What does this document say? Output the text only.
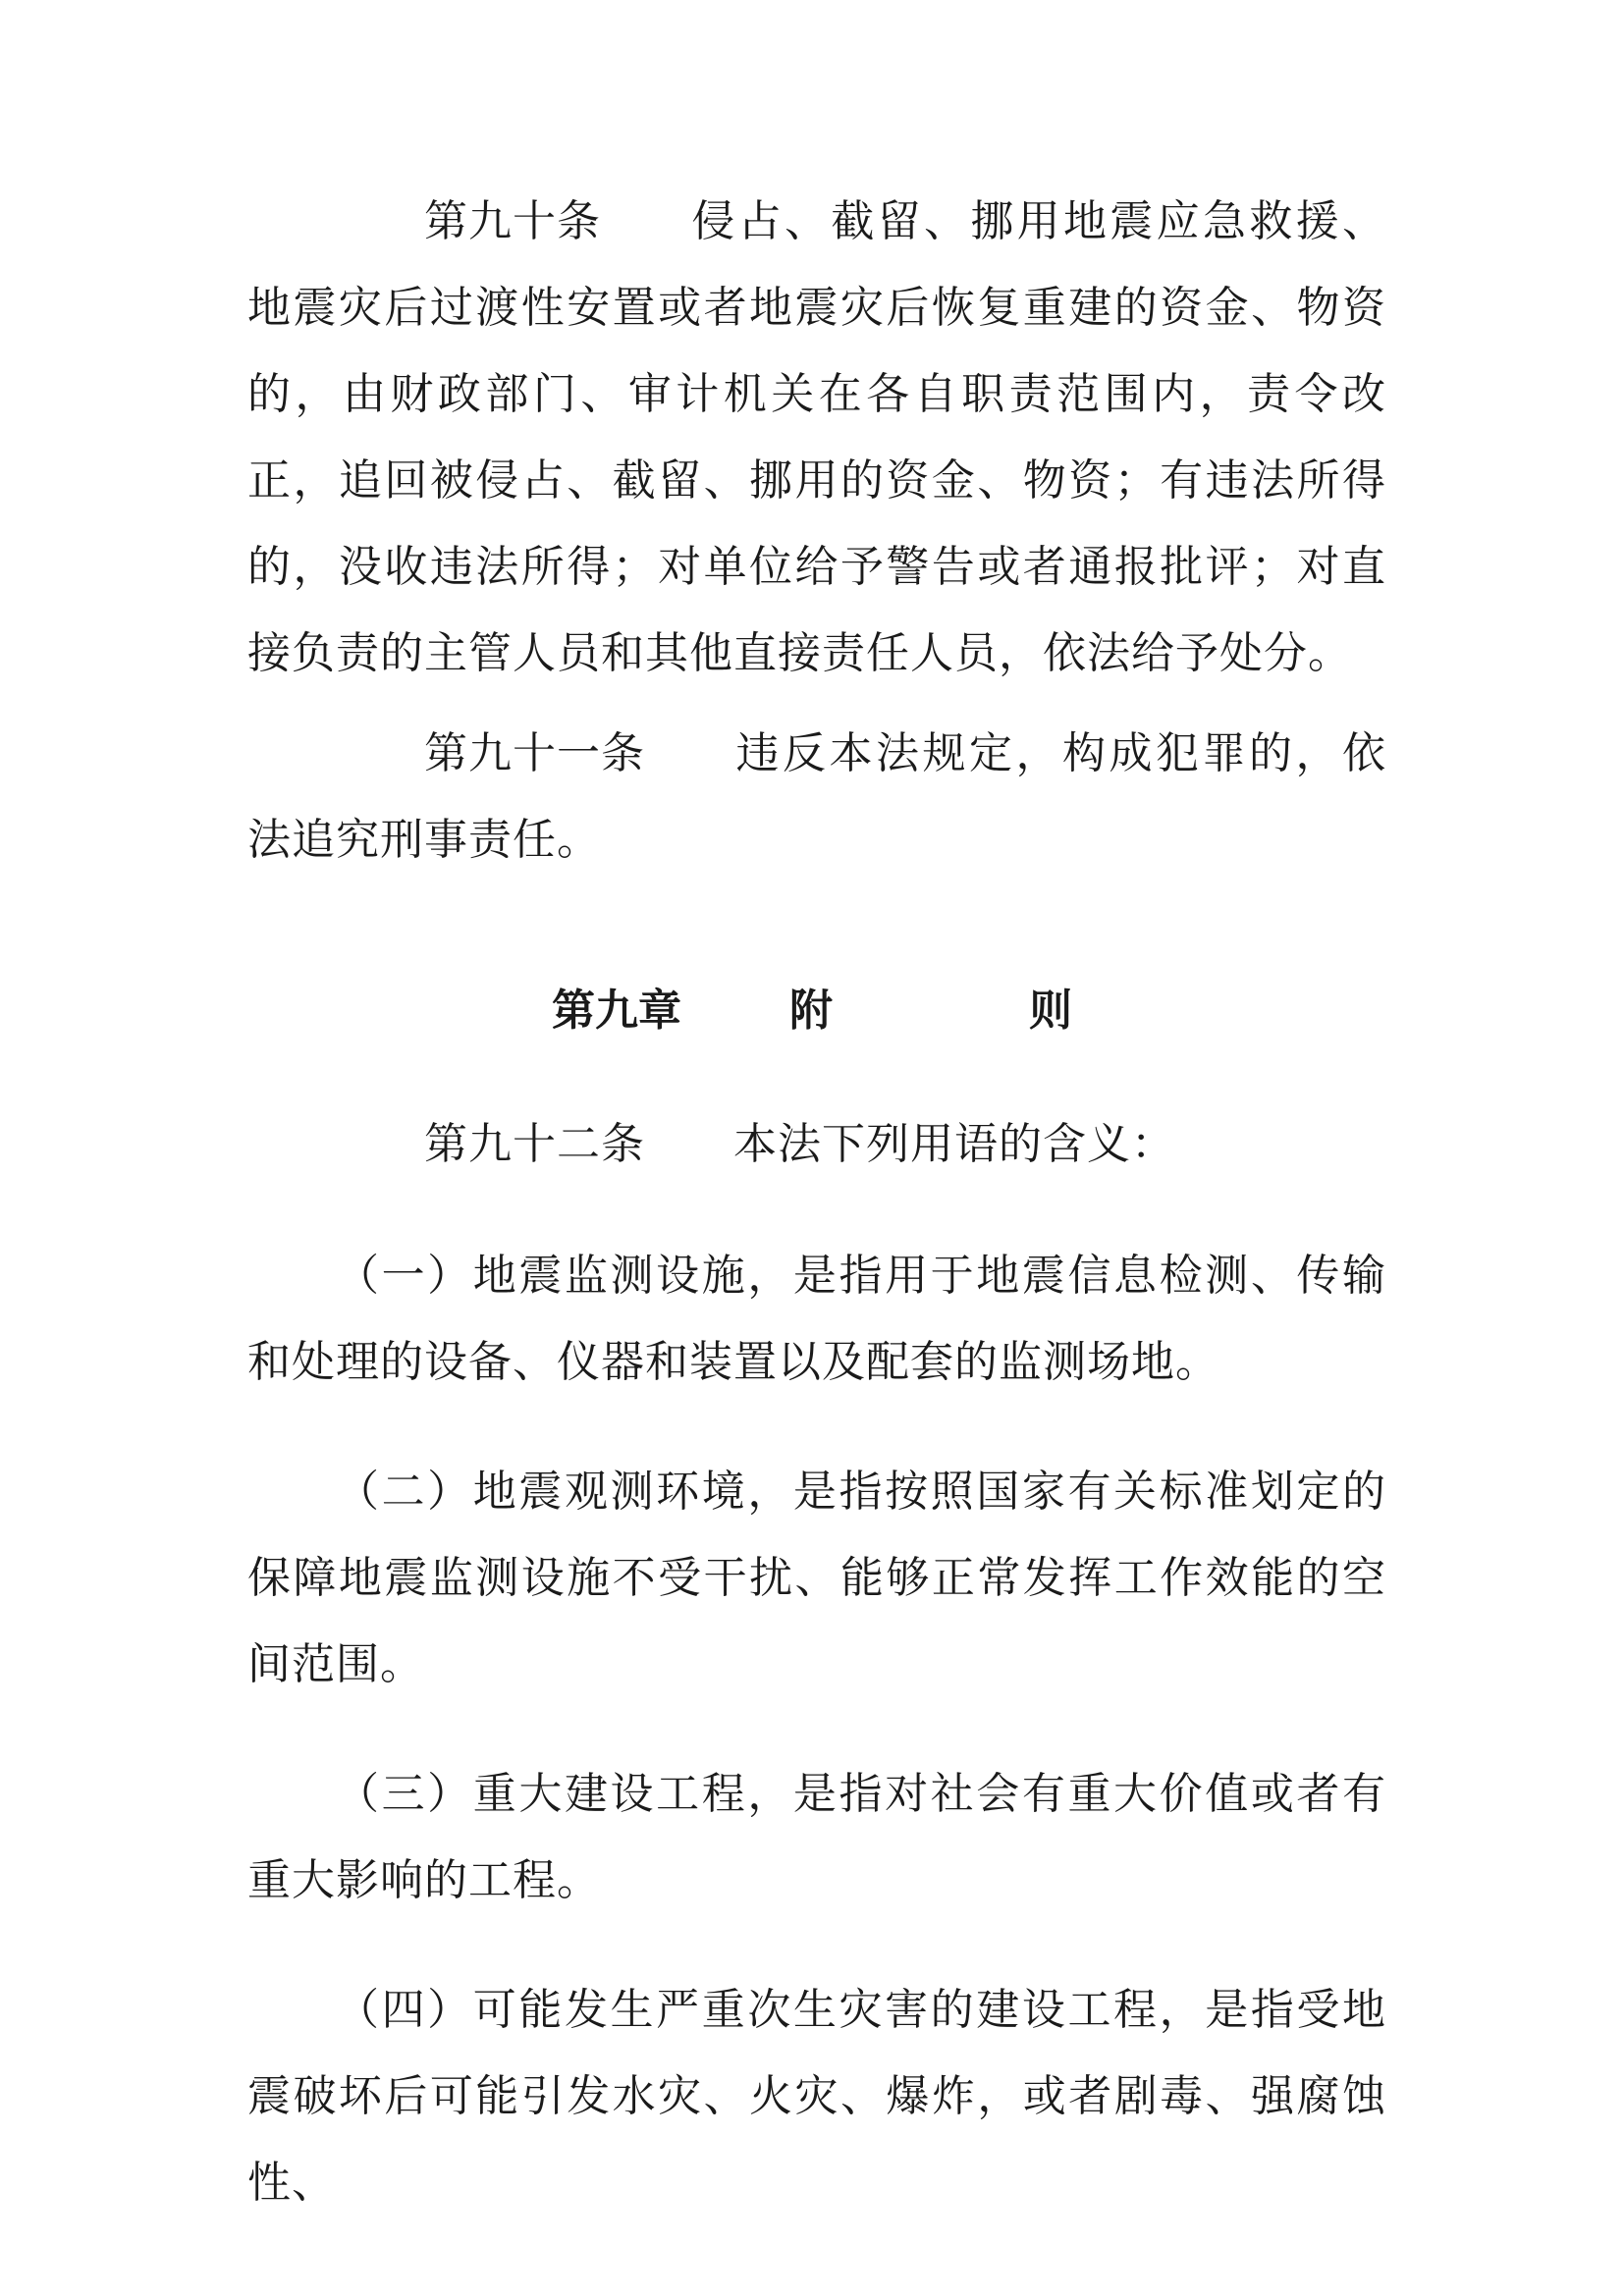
第九十条 侵占、截留、挪用地震应急救援、地震灾后过渡性安置或者地震灾后恢复重建的资金、物资的，由财政部门、审计机关在各自职责范围内，责令改正，追回被侵占、截留、挪用的资金、物资；有违法所得的，没收违法所得；对单位给予警告或者通报批评；对直接负责的主管人员和其他直接责任人员，依法给予处分。

第九十一条 违反本法规定，构成犯罪的，依法追究刑事责任。

第九章	附	则

第九十二条 本法下列用语的含义：

（一）地震监测设施，是指用于地震信息检测、传输和处理的设备、仪器和装置以及配套的监测场地。

（二）地震观测环境，是指按照国家有关标准划定的保障地震监测设施不受干扰、能够正常发挥工作效能的空间范围。

（三）重大建设工程，是指对社会有重大价值或者有重大影响的工程。

（四）可能发生严重次生灾害的建设工程，是指受地震破坏后可能引发水灾、火灾、爆炸，或者剧毒、强腐蚀性、
